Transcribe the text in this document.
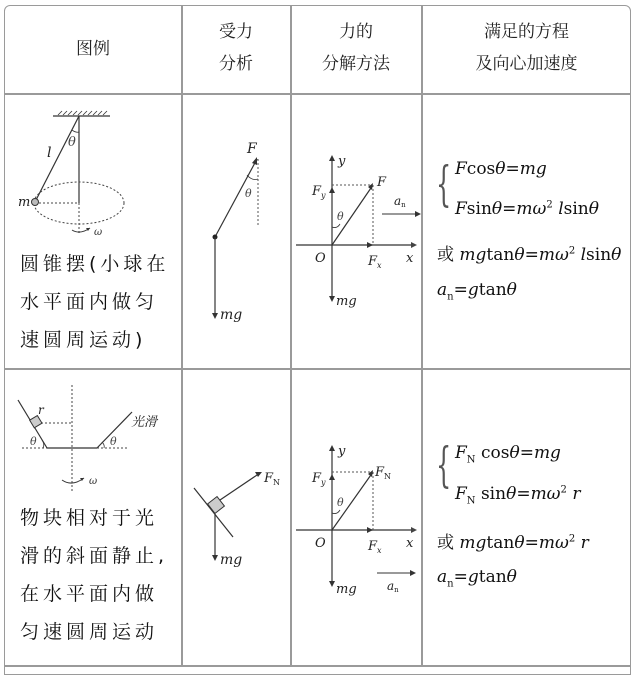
图例
受力
分析
力的
分解方法
满足的方程
及向心加速度
θ
l
m
ω
圆锥摆(小球在
水平面内做匀
速圆周运动)
F
θ
mg
x
y
O
θ
F
$F_y$
$F_x$
an
mg
{ Fcosθ=mg
$Fsin\theta=m\omega^2$ lsinθ
或 $mgtan\theta=m\omega^2$ lsinθ
$a_n=gtan\theta$
r
θ	θ
光滑
ω
物块相对于光
滑的斜面静止,
在水平面内做
匀速圆周运动
$F_N$
mg
x
y
O
θ
$F_N$
$F_y$
$F_x$
an
mg
{ $F_N$ cosθ=mg
$F_N$ $\sin\theta=m\omega^2$ r
或 $mgtan\theta=m\omega^2$ r
$a_n=gtan\theta$
